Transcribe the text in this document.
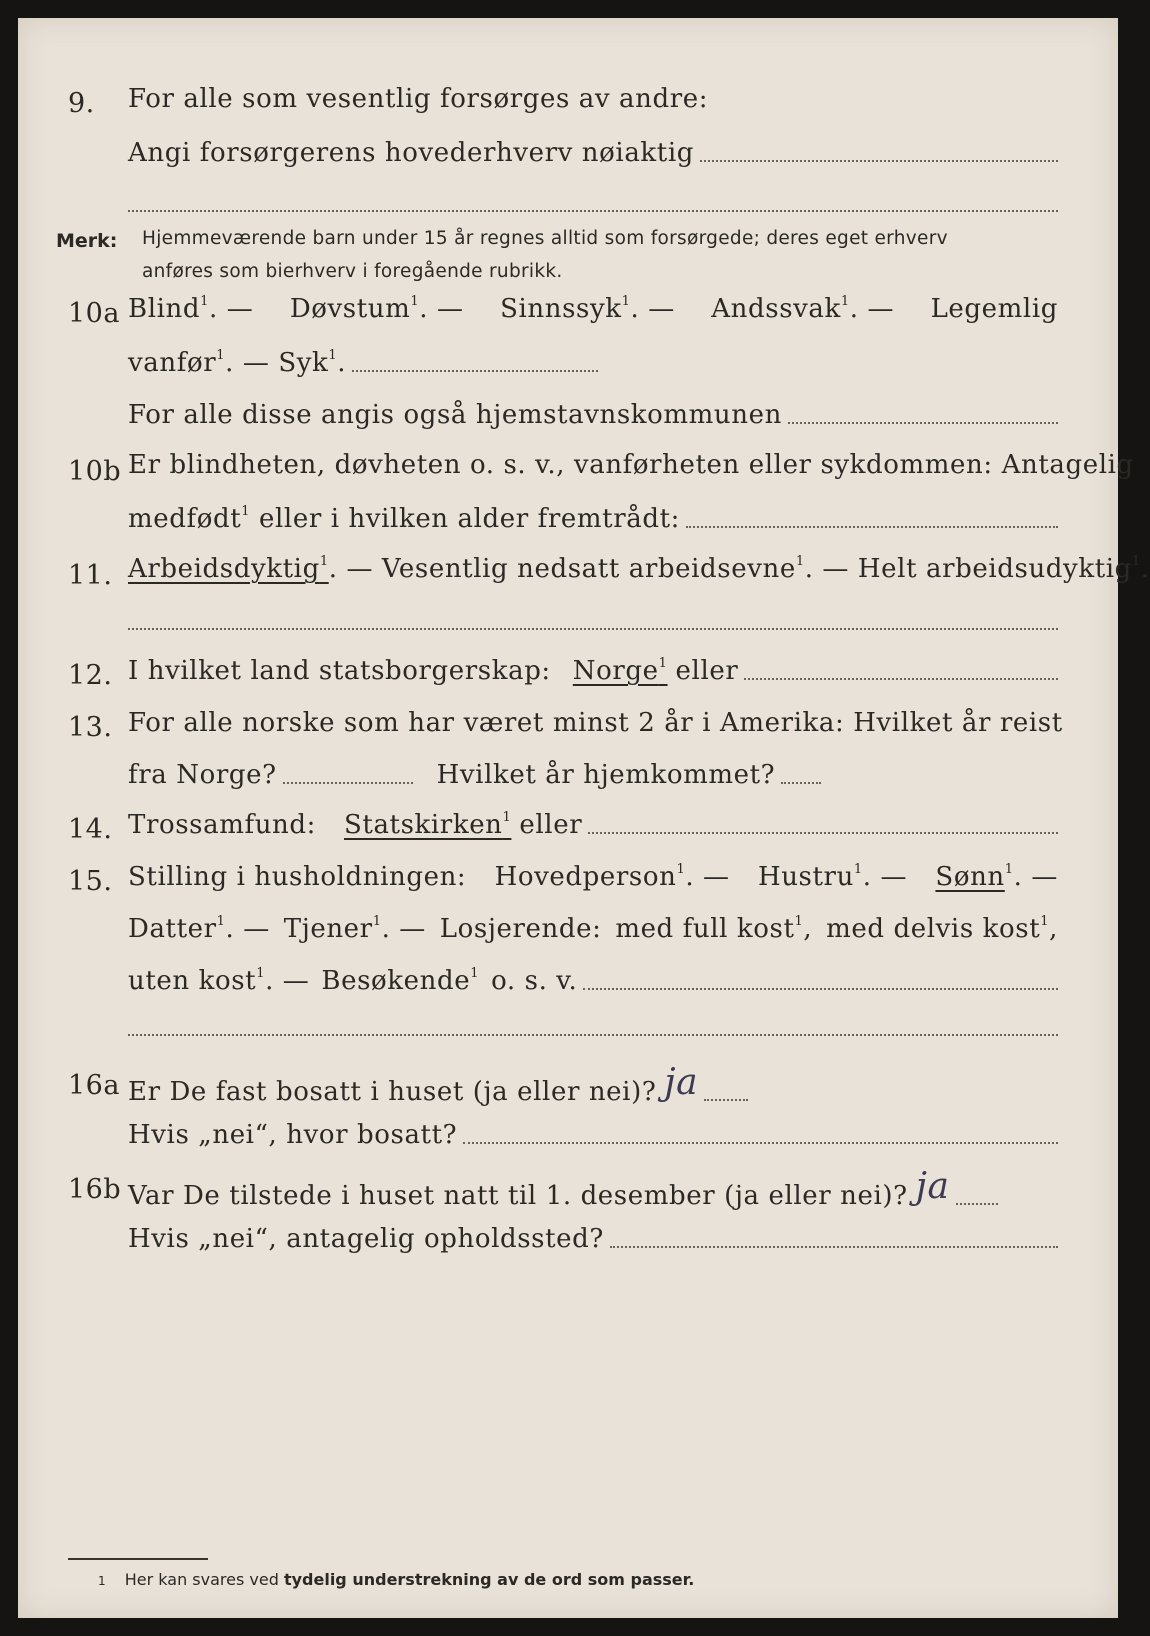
9.	For alle som vesentlig forsørges av andre:
Angi forsørgerens hovederhverv nøiaktig
Merk: Hjemmeværende barn under 15 år regnes alltid som forsørgede; deres eget erhverv
anføres som bierhverv i foregående rubrikk.
10a Blind$^1$. — Døvstum$^1$. — Sinnssyk$^1$. — Andssvak$^1$. — Legemlig
vanfør$^1$. — Syk$^1$.
For alle disse angis også hjemstavnskommunen
10b Er blindheten, døvheten o. s. v., vanførheten eller sykdommen: Antagelig
medfødt$^1$ eller i hvilken alder fremtrådt:
11. Arbeidsdyktig$^1$. — Vesentlig nedsatt arbeidsevne$^1$. — Helt arbeidsudyktig$^1$.
12. I hvilket land statsborgerskap: Norge$^1$ eller
13. For alle norske som har været minst 2 år i Amerika: Hvilket år reist
fra Norge?	Hvilket år hjemkommet?
14. Trossamfund: Statskirken$^1$ eller
15. Stilling i husholdningen: Hovedperson$^1$. — Hustru$^1$. — Sønn$^1$. —
Datter$^1$. — Tjener$^1$. — Losjerende: med full kost$^1$, med delvis kost$^1$,
uten kost$^1$. — Besøkende$^1$ o. s. v.
16a Er De fast bosatt i huset (ja eller nei)? ja
Hvis „nei“, hvor bosatt?
16b Var De tilstede i huset natt til 1. desember (ja eller nei)? ja
Hvis „nei“, antagelig opholdssted?
1 Her kan svares ved tydelig understrekning av de ord som passer.
